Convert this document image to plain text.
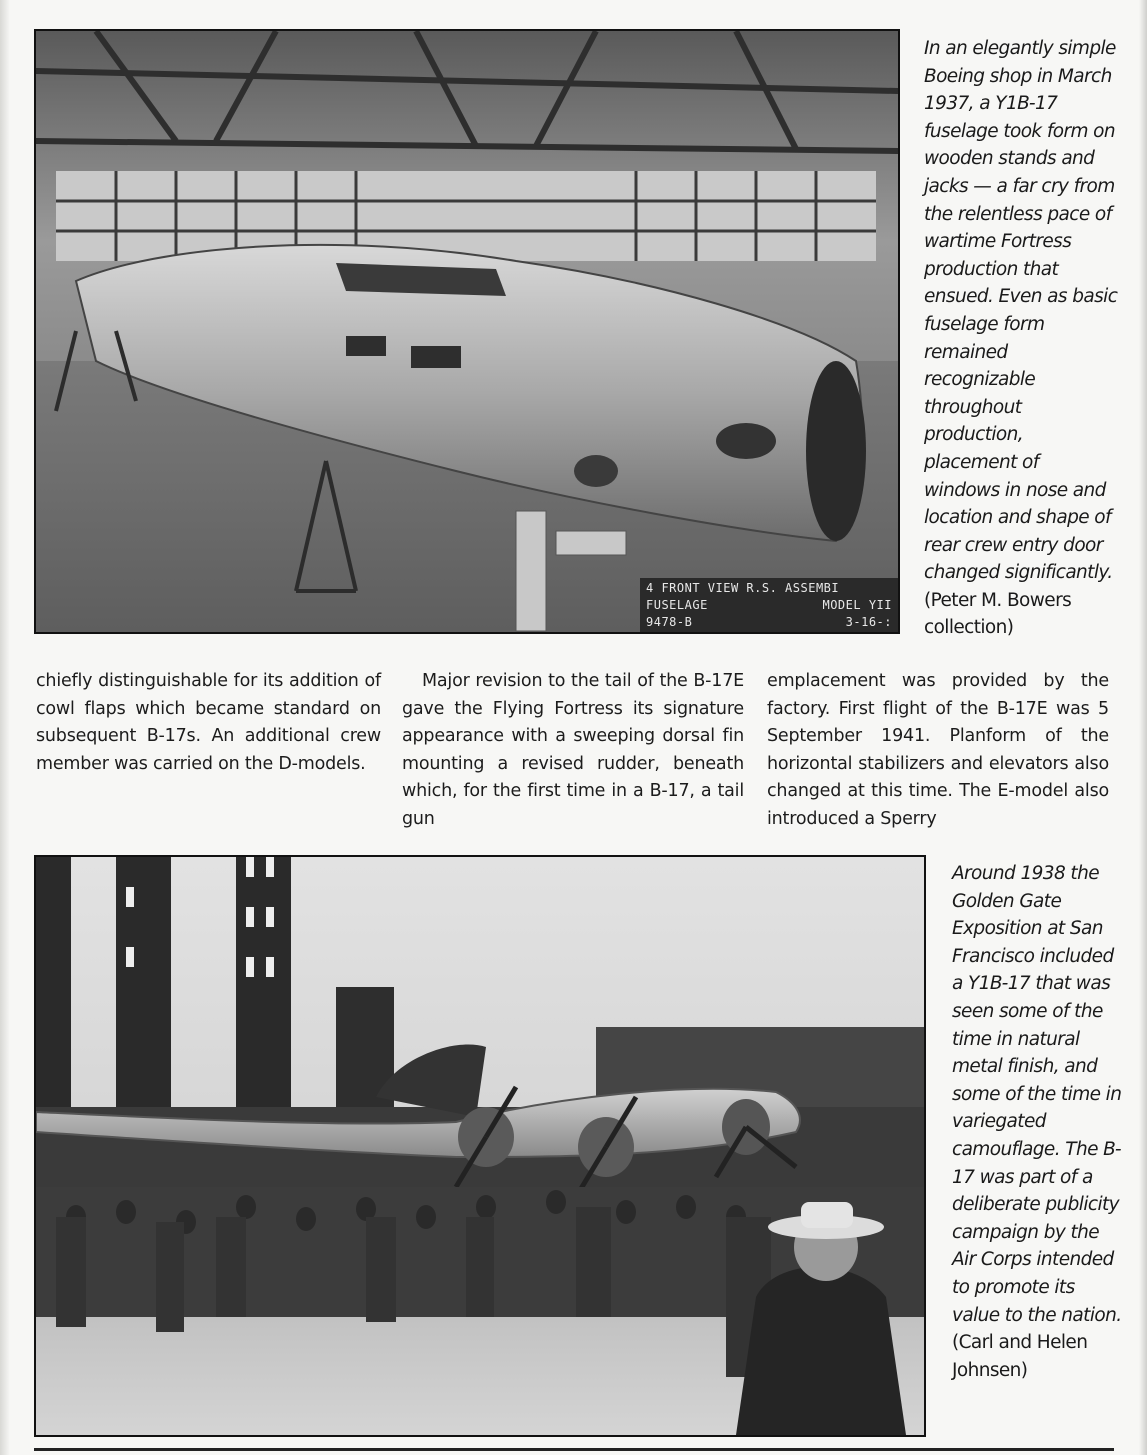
4 FRONT VIEW R.S. ASSEMBI
FUSELAGE	MODEL YII
9478-B	3-16-:
In an elegantly simple Boeing shop in March 1937, a Y1B-17 fuselage took form on wooden stands and jacks — a far cry from the relentless pace of wartime Fortress production that ensued. Even as basic fuselage form remained recognizable throughout production, placement of windows in nose and location and shape of rear crew entry door changed significantly. (Peter M. Bowers collection)
chiefly distinguishable for its addition of cowl flaps which became standard on subsequent B-17s. An additional crew member was carried on the D-models.
Major revision to the tail of the B-17E gave the Flying Fortress its signature appearance with a sweeping dorsal fin mounting a revised rudder, beneath which, for the first time in a B-17, a tail gun
emplacement was provided by the factory. First flight of the B-17E was 5 September 1941. Planform of the horizontal stabilizers and elevators also changed at this time. The E-model also introduced a Sperry
Around 1938 the Golden Gate Exposition at San Francisco included a Y1B-17 that was seen some of the time in natural metal finish, and some of the time in variegated camouflage. The B-17 was part of a deliberate publicity campaign by the Air Corps intended to promote its value to the nation. (Carl and Helen Johnsen)
